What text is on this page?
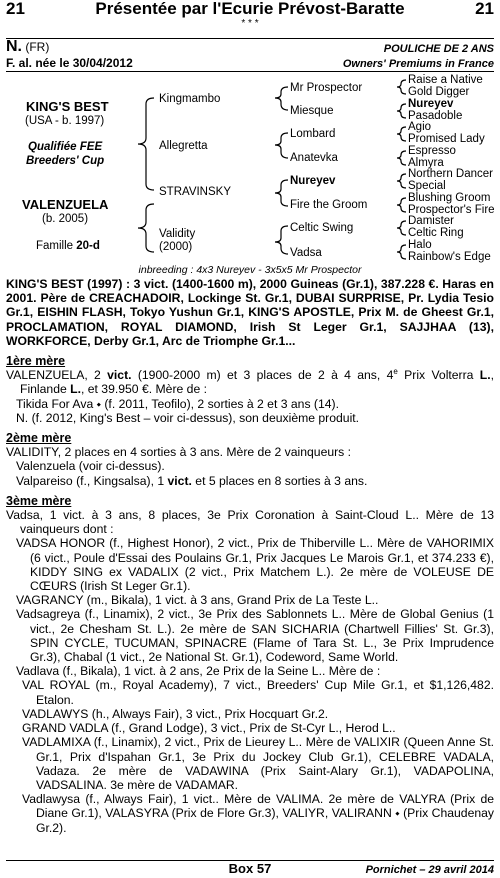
21	Présentée par l'Ecurie Prévost-Baratte	21
* * *
N. (FR)
F. al. née le 30/04/2012
POULICHE DE 2 ANS
Owners' Premiums in France
KING'S BEST
(USA - b. 1997)
Qualifiée FEE
Breeders' Cup
VALENZUELA
(b. 2005)
Famille 20-d
Kingmambo
Allegretta
STRAVINSKY
Validity
(2000)
Mr Prospector
Miesque
Lombard
Anatevka
Nureyev
Fire the Groom
Celtic Swing
Vadsa
Raise a Native
Gold Digger
Nureyev
Pasadoble
Agio
Promised Lady
Espresso
Almyra
Northern Dancer
Special
Blushing Groom
Prospector's Fire
Damister
Celtic Ring
Halo
Rainbow's Edge
inbreeding : 4x3 Nureyev - 3x5x5 Mr Prospector

KING'S BEST (1997) : 3 vict. (1400-1600 m), 2000 Guineas (Gr.1), 387.228 €. Haras en 2001. Père de CREACHADOIR, Lockinge St. Gr.1, DUBAI SURPRISE, Pr. Lydia Tesio Gr.1, EISHIN FLASH, Tokyo Yushun Gr.1, KING'S APOSTLE, Prix M. de Gheest Gr.1, PROCLAMATION, ROYAL DIAMOND, Irish St Leger Gr.1, SAJJHAA (13), WORKFORCE, Derby Gr.1, Arc de Triomphe Gr.1...

1ère mère

VALENZUELA, 2 vict. (1900-2000 m) et 3 places de 2 à 4 ans, 4e Prix Volterra L., Finlande L., et 39.950 €. Mère de :

Tikida For Ava ⬩ (f. 2011, Teofilo), 2 sorties à 2 et 3 ans (14).

N. (f. 2012, King's Best – voir ci-dessus), son deuxième produit.

2ème mère

VALIDITY, 2 places en 4 sorties à 3 ans. Mère de 2 vainqueurs :

Valenzuela (voir ci-dessus).

Valpareiso (f., Kingsalsa), 1 vict. et 5 places en 8 sorties à 3 ans.

3ème mère

Vadsa, 1 vict. à 3 ans, 8 places, 3e Prix Coronation à Saint-Cloud L.. Mère de 13 vainqueurs dont :

VADSA HONOR (f., Highest Honor), 2 vict., Prix de Thiberville L.. Mère de VAHORIMIX (6 vict., Poule d'Essai des Poulains Gr.1, Prix Jacques Le Marois Gr.1, et 374.233 €), KIDDY SING ex VADALIX (2 vict., Prix Matchem L.). 2e mère de VOLEUSE DE CŒURS (Irish St Leger Gr.1).

VAGRANCY (m., Bikala), 1 vict. à 3 ans, Grand Prix de La Teste L..

Vadsagreya (f., Linamix), 2 vict., 3e Prix des Sablonnets L.. Mère de Global Genius (1 vict., 2e Chesham St. L.). 2e mère de SAN SICHARIA (Chartwell Fillies' St. Gr.3), SPIN CYCLE, TUCUMAN, SPINACRE (Flame of Tara St. L., 3e Prix Imprudence Gr.3), Chabal (1 vict., 2e National St. Gr.1), Codeword, Same World.

Vadlava (f., Bikala), 1 vict. à 2 ans, 2e Prix de la Seine L.. Mère de :

VAL ROYAL (m., Royal Academy), 7 vict., Breeders' Cup Mile Gr.1, et $1,126,482. Etalon.

VADLAWYS (h., Always Fair), 3 vict., Prix Hocquart Gr.2.

GRAND VADLA (f., Grand Lodge), 3 vict., Prix de St-Cyr L., Herod L..

VADLAMIXA (f., Linamix), 2 vict., Prix de Lieurey L.. Mère de VALIXIR (Queen Anne St. Gr.1, Prix d'Ispahan Gr.1, 3e Prix du Jockey Club Gr.1), CELEBRE VADALA, Vadaza. 2e mère de VADAWINA (Prix Saint-Alary Gr.1), VADAPOLINA, VADSALINA. 3e mère de VADAMAR.

Vadlawysa (f., Always Fair), 1 vict.. Mère de VALIMA. 2e mère de VALYRA (Prix de Diane Gr.1), VALASYRA (Prix de Flore Gr.3), VALIYR, VALIRANN ⬩ (Prix Chaudenay Gr.2).

Box 57	Pornichet – 29 avril 2014
